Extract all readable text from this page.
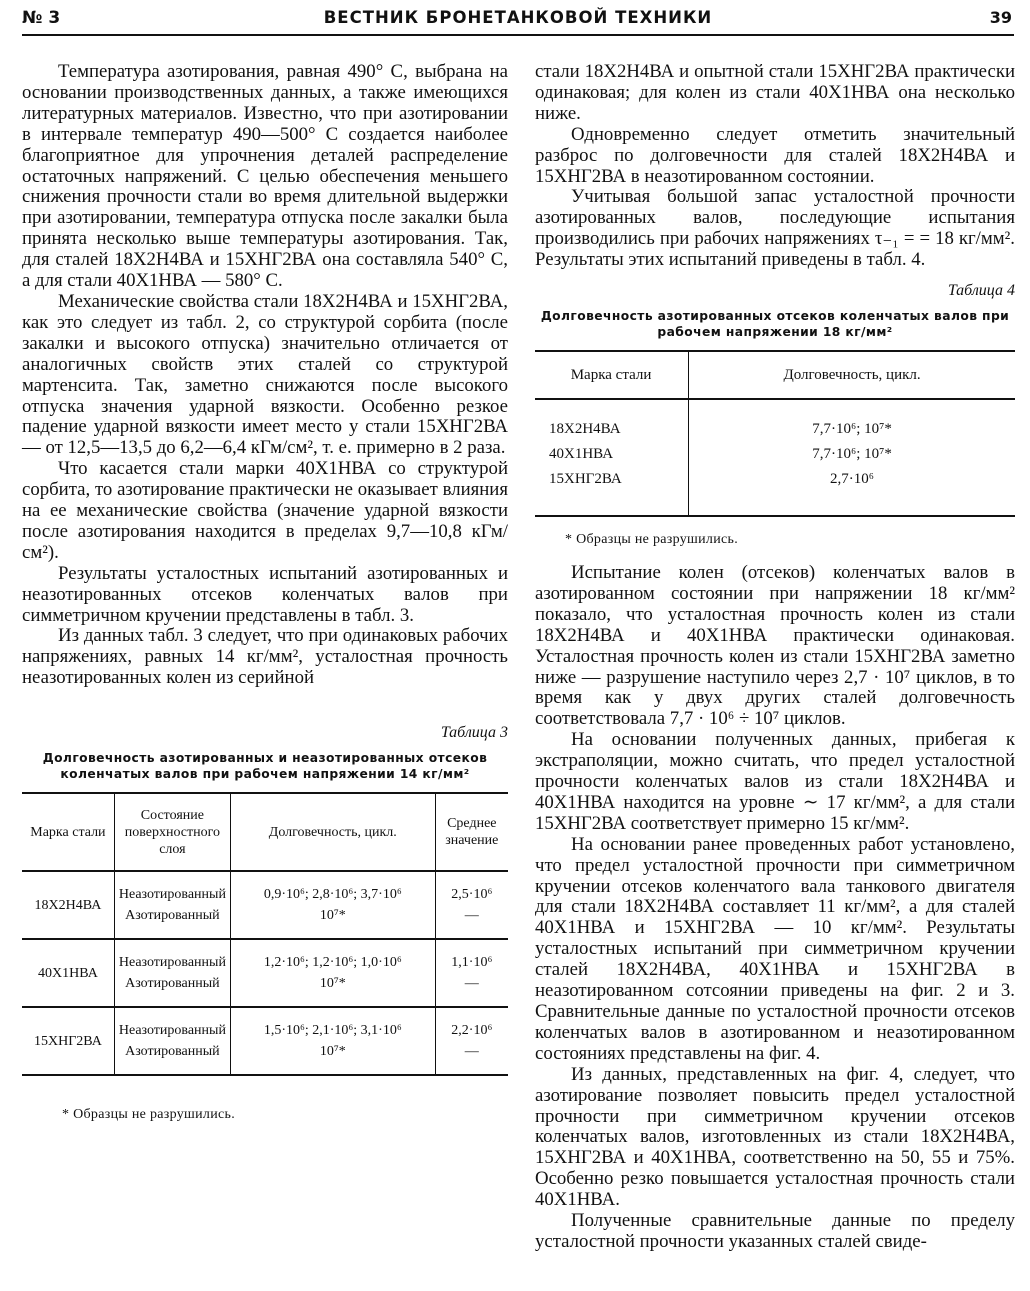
№ 3	ВЕСТНИК БРОНЕТАНКОВОЙ ТЕХНИКИ	39

Температура азотирования, равная 490° С, выбрана на основании производственных данных, а также имеющихся литературных материалов. Известно, что при азотировании в интервале температур 490—500° С создается наиболее благоприятное для упрочнения деталей распределение остаточных напряжений. С целью обеспечения меньшего снижения прочности стали во время длительной выдержки при азотировании, температура отпуска после закалки была принята несколько выше температуры азотирования. Так, для сталей 18Х2Н4ВА и 15ХНГ2ВА она составляла 540° С, а для стали 40Х1НВА — 580° С.

Механические свойства стали 18Х2Н4ВА и 15ХНГ2ВА, как это следует из табл. 2, со структурой сорбита (после закалки и высокого отпуска) значительно отличается от аналогичных свойств этих сталей со структурой мартенсита. Так, заметно снижаются после высокого отпуска значения ударной вязкости. Особенно резкое падение ударной вязкости имеет место у стали 15ХНГ2ВА — от 12,5—13,5 до 6,2—6,4 кГм/см², т. е. примерно в 2 раза.

Что касается стали марки 40Х1НВА со структурой сорбита, то азотирование практически не оказывает влияния на ее механические свойства (значение ударной вязкости после азотирования находится в пределах 9,7—10,8 кГм/см²).

Результаты усталостных испытаний азотированных и неазотированных отсеков коленчатых валов при симметричном кручении представлены в табл. 3.

Из данных табл. 3 следует, что при одинаковых рабочих напряжениях, равных 14 кг/мм², усталостная прочность неазотированных колен из серийной

Таблица 3
Долговечность азотированных и неазотированных отсеков коленчатых валов при рабочем напряжении 14 кг/мм²
Марка стали	Состояние поверхностного слоя	Долговечность, цикл.	Среднее значение
18Х2Н4ВА	Неазотированный	0,9·10⁶; 2,8·10⁶; 3,7·10⁶	2,5·10⁶
	Азотированный	10⁷*	—
40Х1НВА	Неазотированный	1,2·10⁶; 1,2·10⁶; 1,0·10⁶	1,1·10⁶
	Азотированный	10⁷*	—
15ХНГ2ВА	Неазотированный	1,5·10⁶; 2,1·10⁶; 3,1·10⁶	2,2·10⁶
	Азотированный	10⁷*	—
* Образцы не разрушились.

стали 18Х2Н4ВА и опытной стали 15ХНГ2ВА практически одинаковая; для колен из стали 40Х1НВА она несколько ниже.

Одновременно следует отметить значительный разброс по долговечности для сталей 18Х2Н4ВА и 15ХНГ2ВА в неазотированном состоянии.

Учитывая большой запас усталостной прочности азотированных валов, последующие испытания производились при рабочих напряжениях τ₋₁ = = 18 кг/мм². Результаты этих испытаний приведены в табл. 4.

Таблица 4
Долговечность азотированных отсеков коленчатых валов при рабочем напряжении 18 кг/мм²
Марка стали	Долговечность, цикл.
18Х2Н4ВА	7,7·10⁶; 10⁷*
40Х1НВА	7,7·10⁶; 10⁷*
15ХНГ2ВА	2,7·10⁶
* Образцы не разрушились.

Испытание колен (отсеков) коленчатых валов в азотированном состоянии при напряжении 18 кг/мм² показало, что усталостная прочность колен из стали 18Х2Н4ВА и 40Х1НВА практически одинаковая. Усталостная прочность колен из стали 15ХНГ2ВА заметно ниже — разрушение наступило через 2,7 · 10⁷ циклов, в то время как у двух других сталей долговечность соответствовала 7,7 · 10⁶ ÷ 10⁷ циклов.

На основании полученных данных, прибегая к экстраполяции, можно считать, что предел усталостной прочности коленчатых валов из стали 18Х2Н4ВА и 40Х1НВА находится на уровне ∼ 17 кг/мм², а для стали 15ХНГ2ВА соответствует примерно 15 кг/мм².

На основании ранее проведенных работ установлено, что предел усталостной прочности при симметричном кручении отсеков коленчатого вала танкового двигателя для стали 18Х2Н4ВА составляет 11 кг/мм², а для сталей 40Х1НВА и 15ХНГ2ВА — 10 кг/мм². Результаты усталостных испытаний при симметричном кручении сталей 18Х2Н4ВА, 40Х1НВА и 15ХНГ2ВА в неазотированном сотсоянии приведены на фиг. 2 и 3. Сравнительные данные по усталостной прочности отсеков коленчатых валов в азотированном и неазотированном состояниях представлены на фиг. 4.

Из данных, представленных на фиг. 4, следует, что азотирование позволяет повысить предел усталостной прочности при симметричном кручении отсеков коленчатых валов, изготовленных из стали 18Х2Н4ВА, 15ХНГ2ВА и 40Х1НВА, соответственно на 50, 55 и 75%. Особенно резко повышается усталостная прочность стали 40Х1НВА.

Полученные сравнительные данные по пределу усталостной прочности указанных сталей свиде-
